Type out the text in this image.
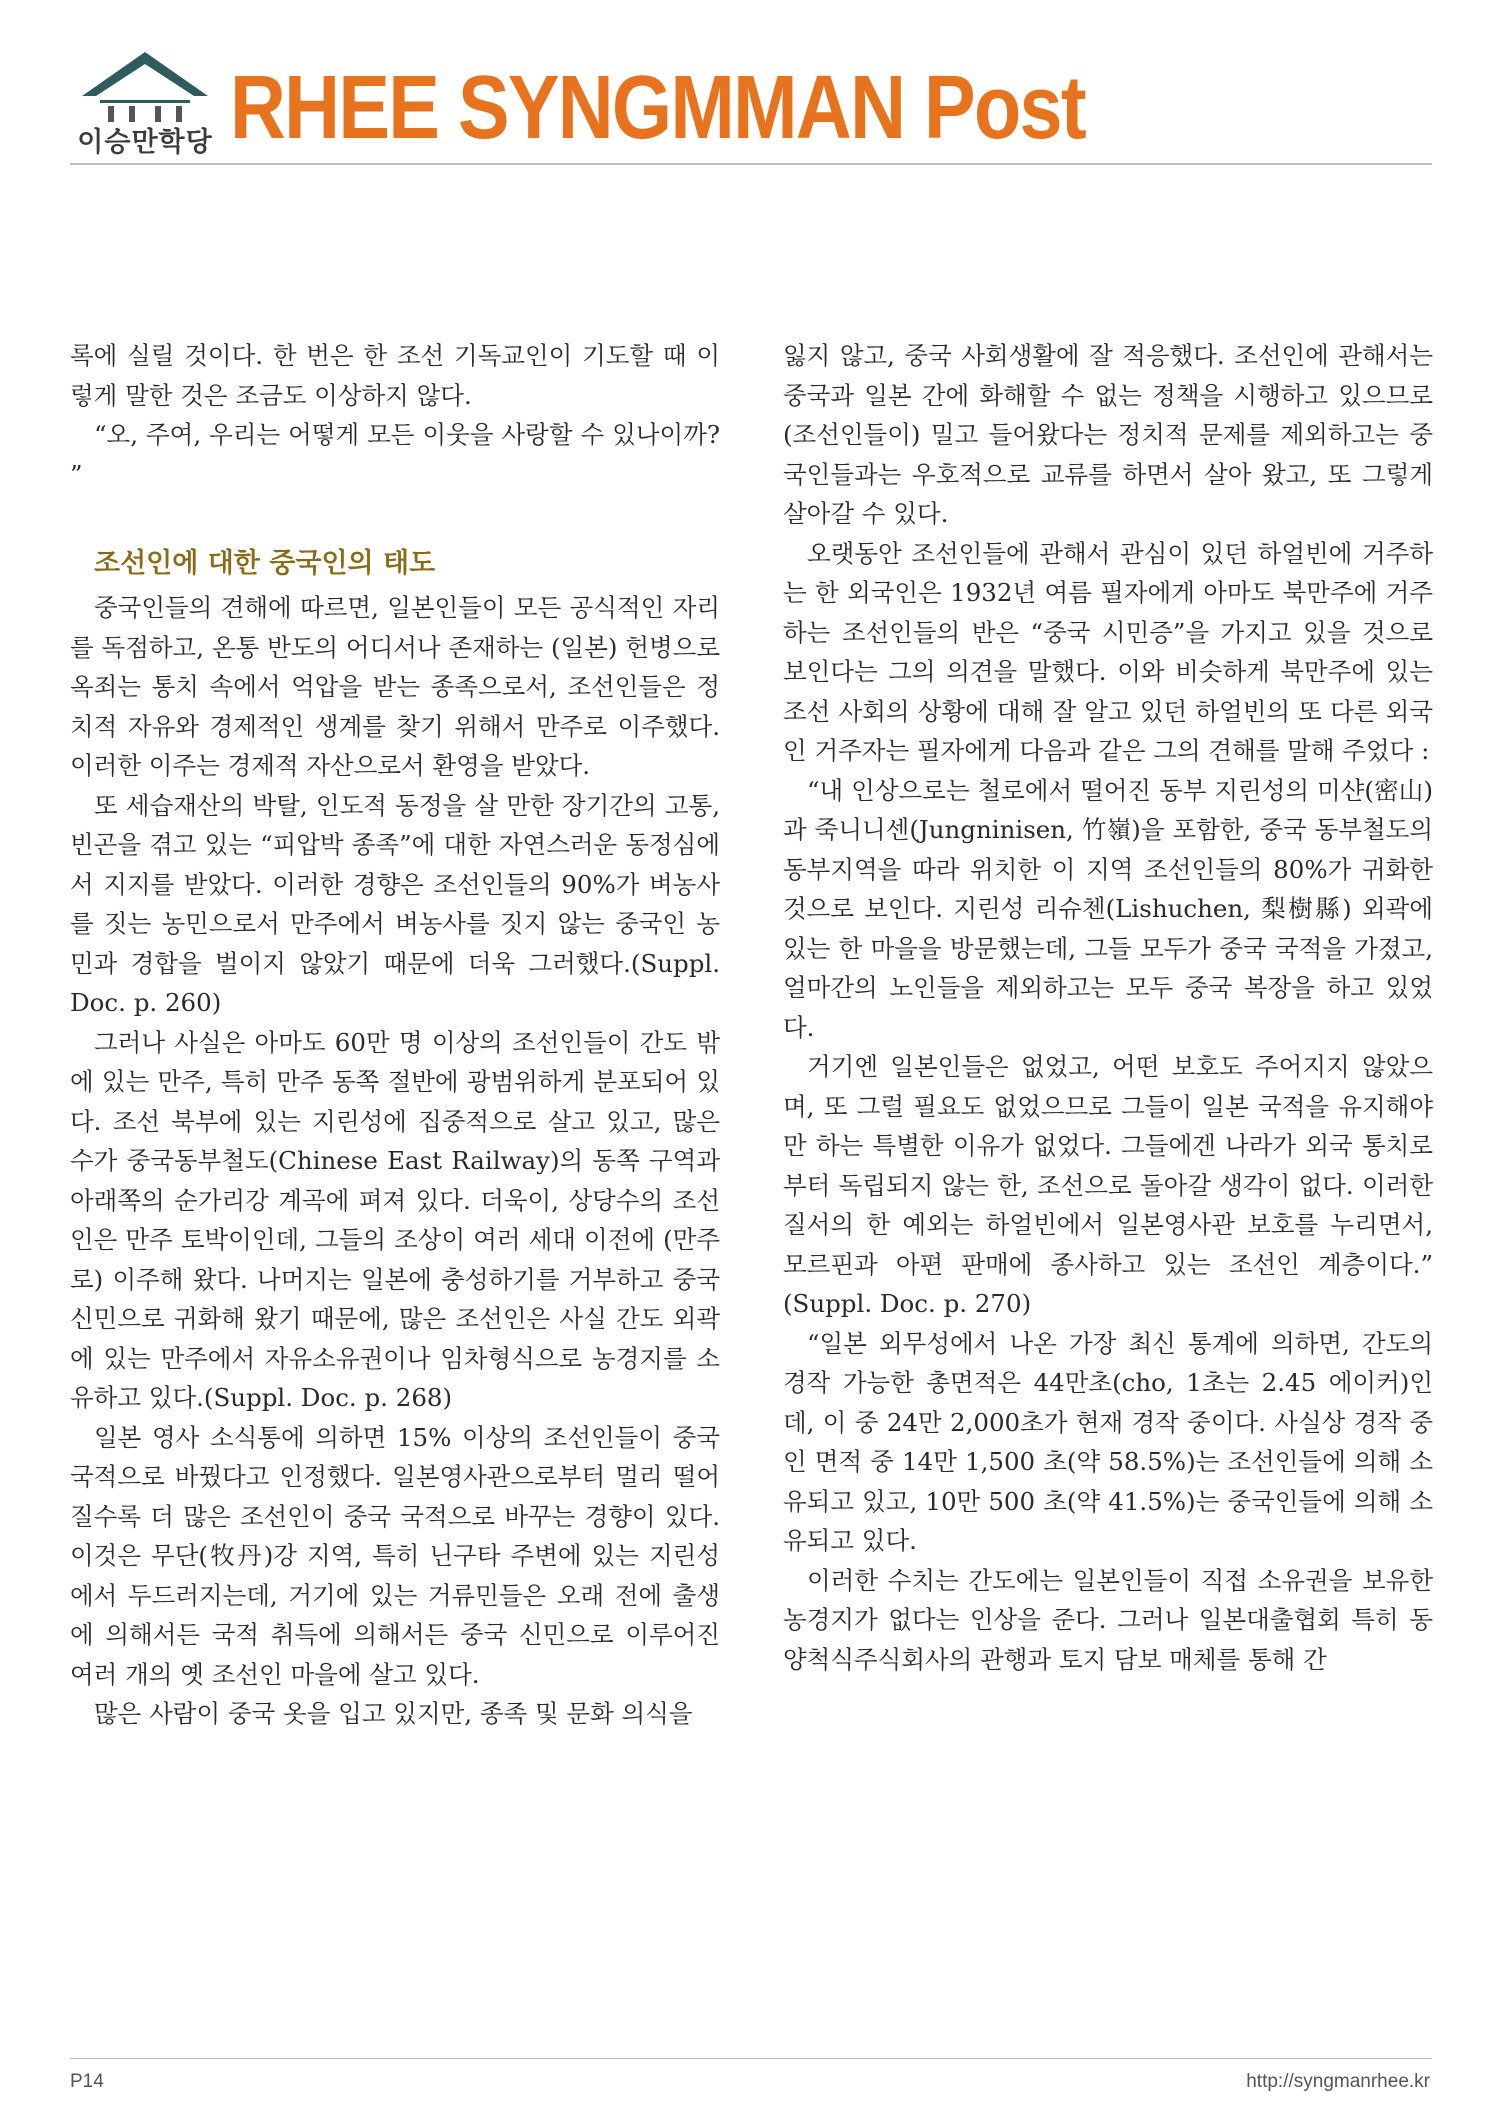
이승만학당 RHEE SYNGMMAN Post

록에 실릴 것이다. 한 번은 한 조선 기독교인이 기도할 때 이렇게 말한 것은 조금도 이상하지 않다.

“오, 주여, 우리는 어떻게 모든 이웃을 사랑할 수 있나이까? ”

조선인에 대한 중국인의 태도

중국인들의 견해에 따르면, 일본인들이 모든 공식적인 자리를 독점하고, 온통 반도의 어디서나 존재하는 (일본) 헌병으로 옥죄는 통치 속에서 억압을 받는 종족으로서, 조선인들은 정치적 자유와 경제적인 생계를 찾기 위해서 만주로 이주했다. 이러한 이주는 경제적 자산으로서 환영을 받았다.

또 세습재산의 박탈, 인도적 동정을 살 만한 장기간의 고통, 빈곤을 겪고 있는 “피압박 종족”에 대한 자연스러운 동정심에서 지지를 받았다. 이러한 경향은 조선인들의 90%가 벼농사를 짓는 농민으로서 만주에서 벼농사를 짓지 않는 중국인 농민과 경합을 벌이지 않았기 때문에 더욱 그러했다.(Suppl. Doc. p. 260)

그러나 사실은 아마도 60만 명 이상의 조선인들이 간도 밖에 있는 만주, 특히 만주 동쪽 절반에 광범위하게 분포되어 있다. 조선 북부에 있는 지린성에 집중적으로 살고 있고, 많은 수가 중국동부철도(Chinese East Railway)의 동쪽 구역과 아래쪽의 순가리강 계곡에 펴져 있다. 더욱이, 상당수의 조선인은 만주 토박이인데, 그들의 조상이 여러 세대 이전에 (만주로) 이주해 왔다. 나머지는 일본에 충성하기를 거부하고 중국 신민으로 귀화해 왔기 때문에, 많은 조선인은 사실 간도 외곽에 있는 만주에서 자유소유권이나 임차형식으로 농경지를 소유하고 있다.(Suppl. Doc. p. 268)

일본 영사 소식통에 의하면 15% 이상의 조선인들이 중국 국적으로 바꿨다고 인정했다. 일본영사관으로부터 멀리 떨어질수록 더 많은 조선인이 중국 국적으로 바꾸는 경향이 있다. 이것은 무단(牧丹)강 지역, 특히 닌구타 주변에 있는 지린성에서 두드러지는데, 거기에 있는 거류민들은 오래 전에 출생에 의해서든 국적 취득에 의해서든 중국 신민으로 이루어진 여러 개의 옛 조선인 마을에 살고 있다.

많은 사람이 중국 옷을 입고 있지만, 종족 및 문화 의식을

잃지 않고, 중국 사회생활에 잘 적응했다. 조선인에 관해서는 중국과 일본 간에 화해할 수 없는 정책을 시행하고 있으므로 (조선인들이) 밀고 들어왔다는 정치적 문제를 제외하고는 중국인들과는 우호적으로 교류를 하면서 살아 왔고, 또 그렇게 살아갈 수 있다.

오랫동안 조선인들에 관해서 관심이 있던 하얼빈에 거주하는 한 외국인은 1932년 여름 필자에게 아마도 북만주에 거주하는 조선인들의 반은 “중국 시민증”을 가지고 있을 것으로 보인다는 그의 의견을 말했다. 이와 비슷하게 북만주에 있는 조선 사회의 상황에 대해 잘 알고 있던 하얼빈의 또 다른 외국인 거주자는 필자에게 다음과 같은 그의 견해를 말해 주었다 :

“내 인상으로는 철로에서 떨어진 동부 지린성의 미샨(密山)과 죽니니센(Jungninisen, 竹嶺)을 포함한, 중국 동부철도의 동부지역을 따라 위치한 이 지역 조선인들의 80%가 귀화한 것으로 보인다. 지린성 리슈첸(Lishuchen, 梨樹縣) 외곽에 있는 한 마을을 방문했는데, 그들 모두가 중국 국적을 가졌고, 얼마간의 노인들을 제외하고는 모두 중국 복장을 하고 있었다.

거기엔 일본인들은 없었고, 어떤 보호도 주어지지 않았으며, 또 그럴 필요도 없었으므로 그들이 일본 국적을 유지해야만 하는 특별한 이유가 없었다. 그들에겐 나라가 외국 통치로부터 독립되지 않는 한, 조선으로 돌아갈 생각이 없다. 이러한 질서의 한 예외는 하얼빈에서 일본영사관 보호를 누리면서, 모르핀과 아편 판매에 종사하고 있는 조선인 계층이다.” (Suppl. Doc. p. 270)

“일본 외무성에서 나온 가장 최신 통계에 의하면, 간도의 경작 가능한 총면적은 44만초(cho, 1초는 2.45 에이커)인데, 이 중 24만 2,000초가 현재 경작 중이다. 사실상 경작 중인 면적 중 14만 1,500 초(약 58.5%)는 조선인들에 의해 소유되고 있고, 10만 500 초(약 41.5%)는 중국인들에 의해 소유되고 있다.

이러한 수치는 간도에는 일본인들이 직접 소유권을 보유한 농경지가 없다는 인상을 준다. 그러나 일본대출협회 특히 동양척식주식회사의 관행과 토지 담보 매체를 통해 간

P14	http://syngmanrhee.kr
